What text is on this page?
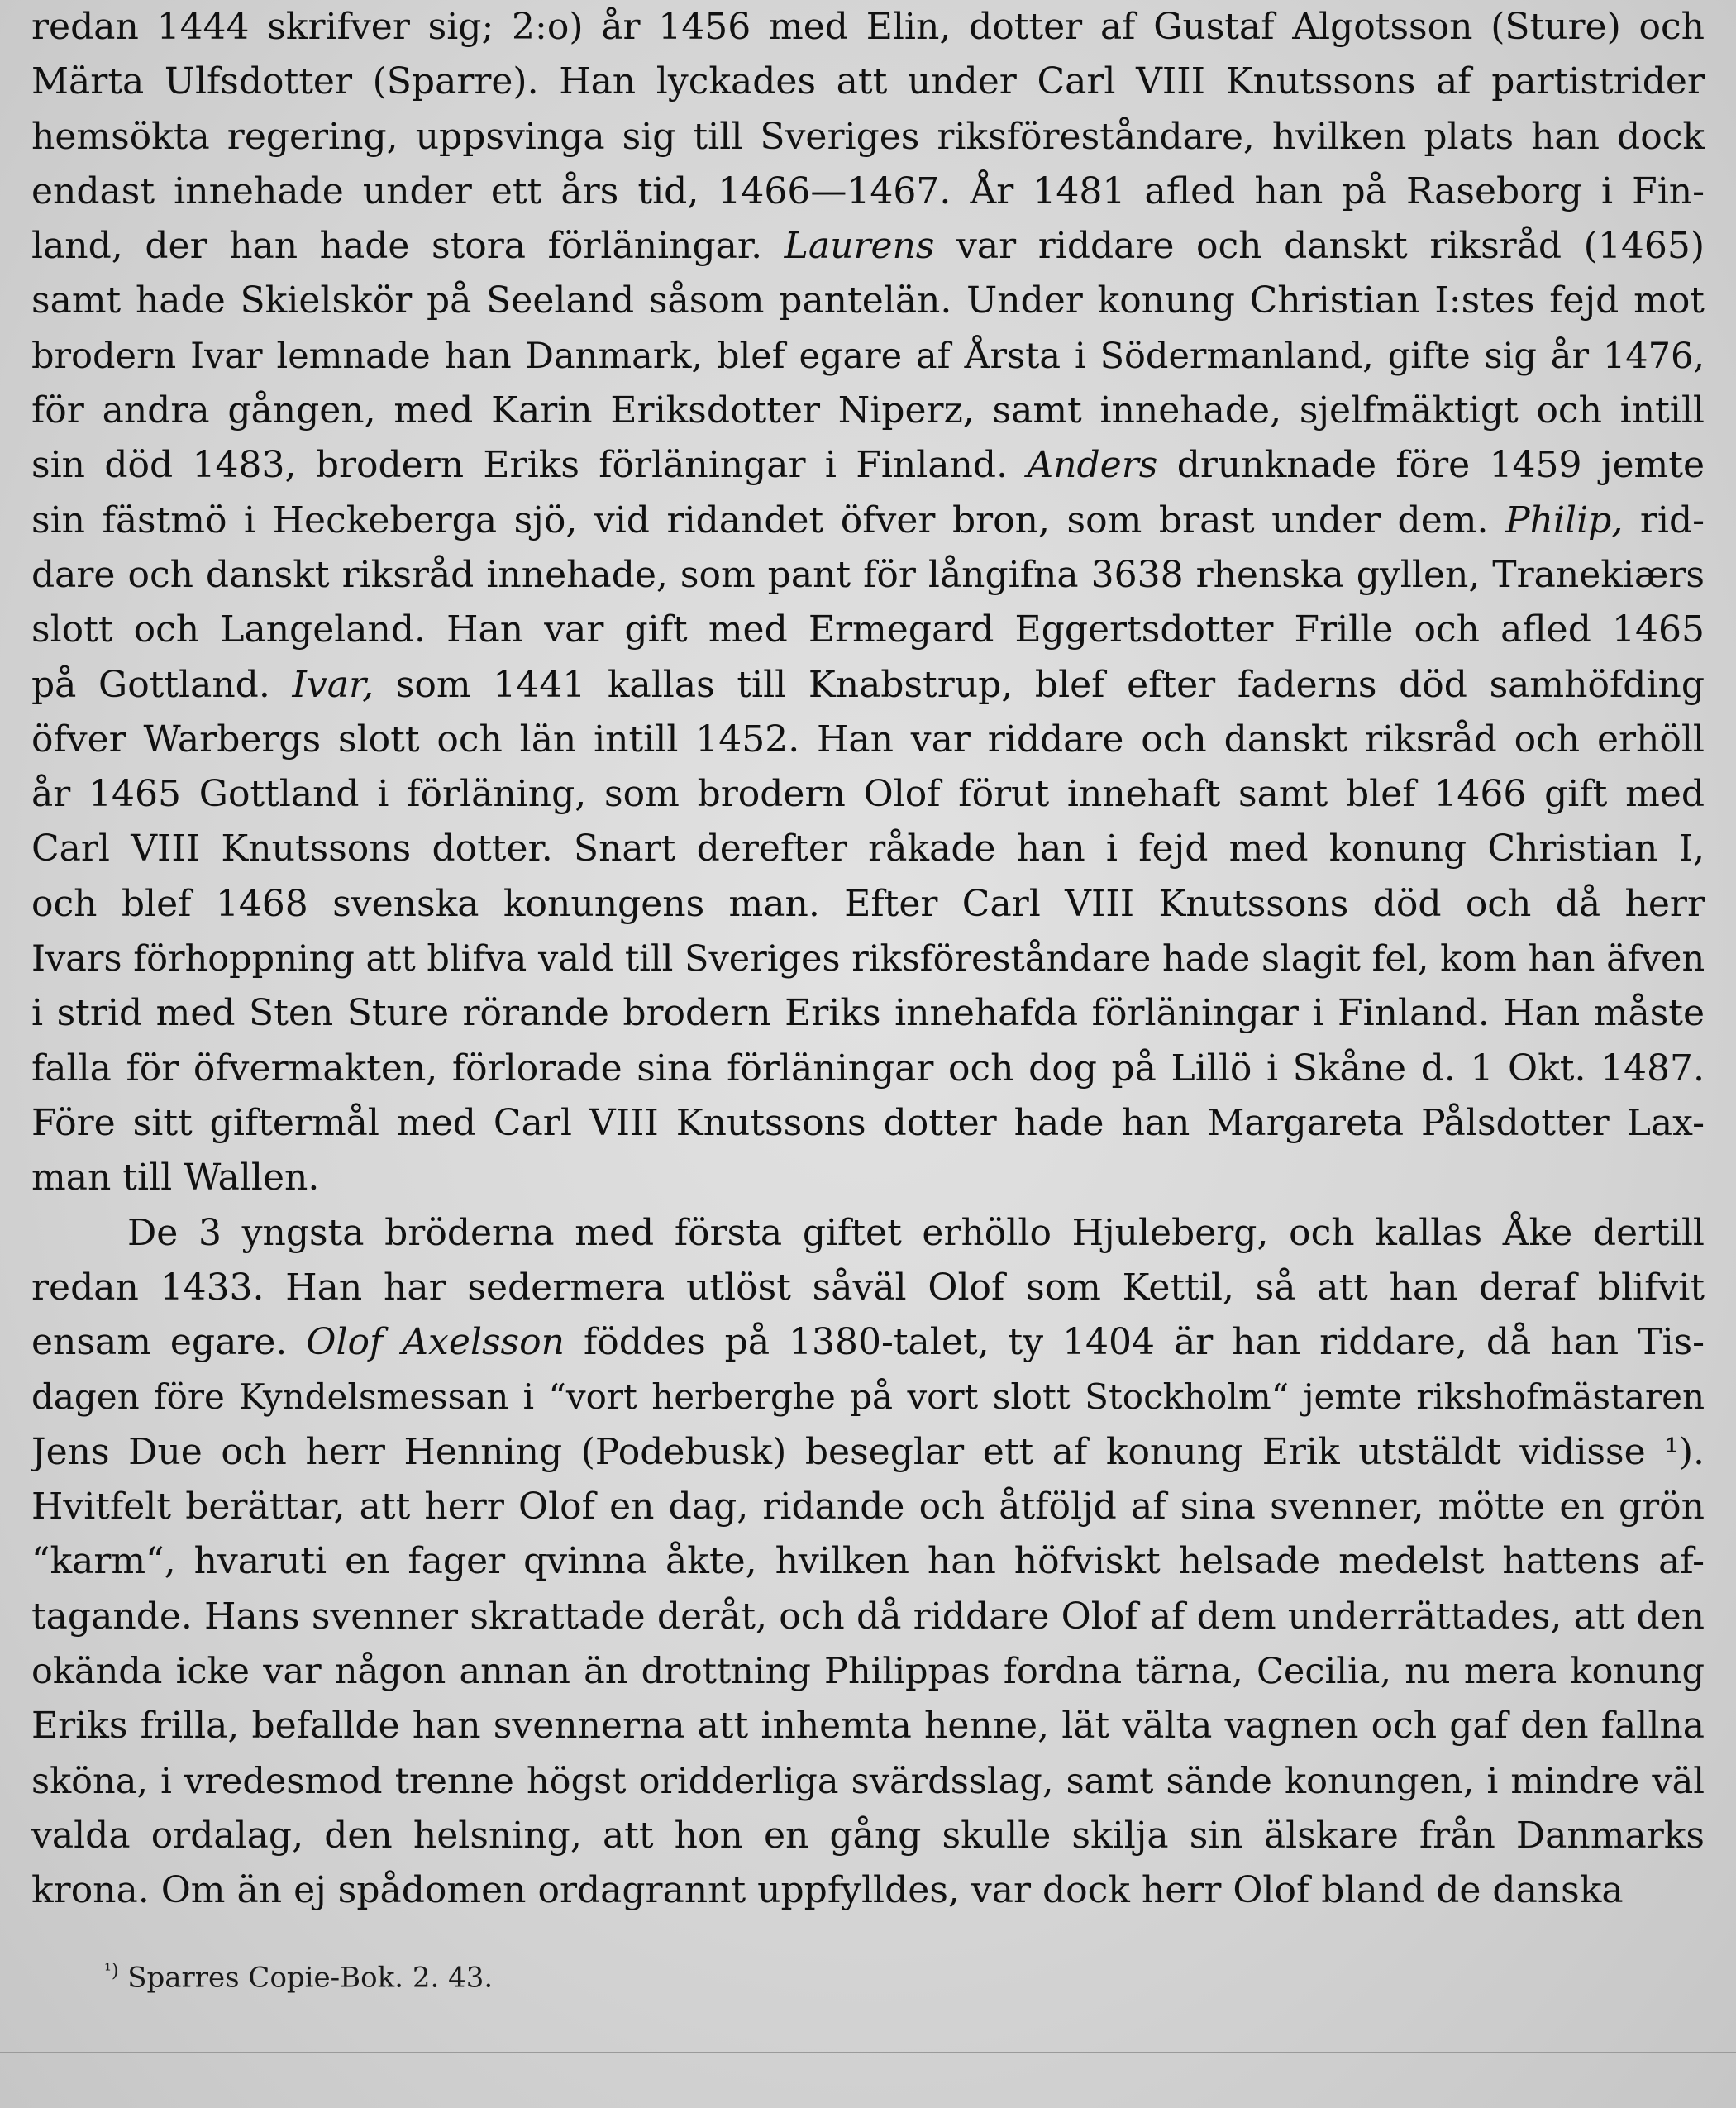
redan 1444 skrifver sig; 2:o) år 1456 med Elin, dotter af Gustaf Algotsson (Sture) och
Märta Ulfsdotter (Sparre). Han lyckades att under Carl VIII Knutssons af partistrider
hemsökta regering, uppsvinga sig till Sveriges riksföreståndare, hvilken plats han dock
endast innehade under ett års tid, 1466—1467. År 1481 afled han på Raseborg i Fin-
land, der han hade stora förläningar. Laurens var riddare och danskt riksråd (1465)
samt hade Skielskör på Seeland såsom pantelän. Under konung Christian I:stes fejd mot
brodern Ivar lemnade han Danmark, blef egare af Årsta i Södermanland, gifte sig år 1476,
för andra gången, med Karin Eriksdotter Niperz, samt innehade, sjelfmäktigt och intill
sin död 1483, brodern Eriks förläningar i Finland. Anders drunknade före 1459 jemte
sin fästmö i Heckeberga sjö, vid ridandet öfver bron, som brast under dem. Philip, rid-
dare och danskt riksråd innehade, som pant för långifna 3638 rhenska gyllen, Tranekiærs
slott och Langeland. Han var gift med Ermegard Eggertsdotter Frille och afled 1465
på Gottland. Ivar, som 1441 kallas till Knabstrup, blef efter faderns död samhöfding
öfver Warbergs slott och län intill 1452. Han var riddare och danskt riksråd och erhöll
år 1465 Gottland i förläning, som brodern Olof förut innehaft samt blef 1466 gift med
Carl VIII Knutssons dotter. Snart derefter råkade han i fejd med konung Christian I,
och blef 1468 svenska konungens man. Efter Carl VIII Knutssons död och då herr
Ivars förhoppning att blifva vald till Sveriges riksföreståndare hade slagit fel, kom han äfven
i strid med Sten Sture rörande brodern Eriks innehafda förläningar i Finland. Han måste
falla för öfvermakten, förlorade sina förläningar och dog på Lillö i Skåne d. 1 Okt. 1487.
Före sitt giftermål med Carl VIII Knutssons dotter hade han Margareta Pålsdotter Lax-
man till Wallen.
De 3 yngsta bröderna med första giftet erhöllo Hjuleberg, och kallas Åke dertill
redan 1433. Han har sedermera utlöst såväl Olof som Kettil, så att han deraf blifvit
ensam egare. Olof Axelsson föddes på 1380-talet, ty 1404 är han riddare, då han Tis-
dagen före Kyndelsmessan i “vort herberghe på vort slott Stockholm“ jemte rikshofmästaren
Jens Due och herr Henning (Podebusk) beseglar ett af konung Erik utstäldt vidisse ¹).
Hvitfelt berättar, att herr Olof en dag, ridande och åtföljd af sina svenner, mötte en grön
“karm“, hvaruti en fager qvinna åkte, hvilken han höfviskt helsade medelst hattens af-
tagande. Hans svenner skrattade deråt, och då riddare Olof af dem underrättades, att den
okända icke var någon annan än drottning Philippas fordna tärna, Cecilia, nu mera konung
Eriks frilla, befallde han svennerna att inhemta henne, lät välta vagnen och gaf den fallna
sköna, i vredesmod trenne högst oridderliga svärdsslag, samt sände konungen, i mindre väl
valda ordalag, den helsning, att hon en gång skulle skilja sin älskare från Danmarks
krona. Om än ej spådomen ordagrannt uppfylldes, var dock herr Olof bland de danska
$^{^1)}$ Sparres Copie-Bok. 2. 43.
